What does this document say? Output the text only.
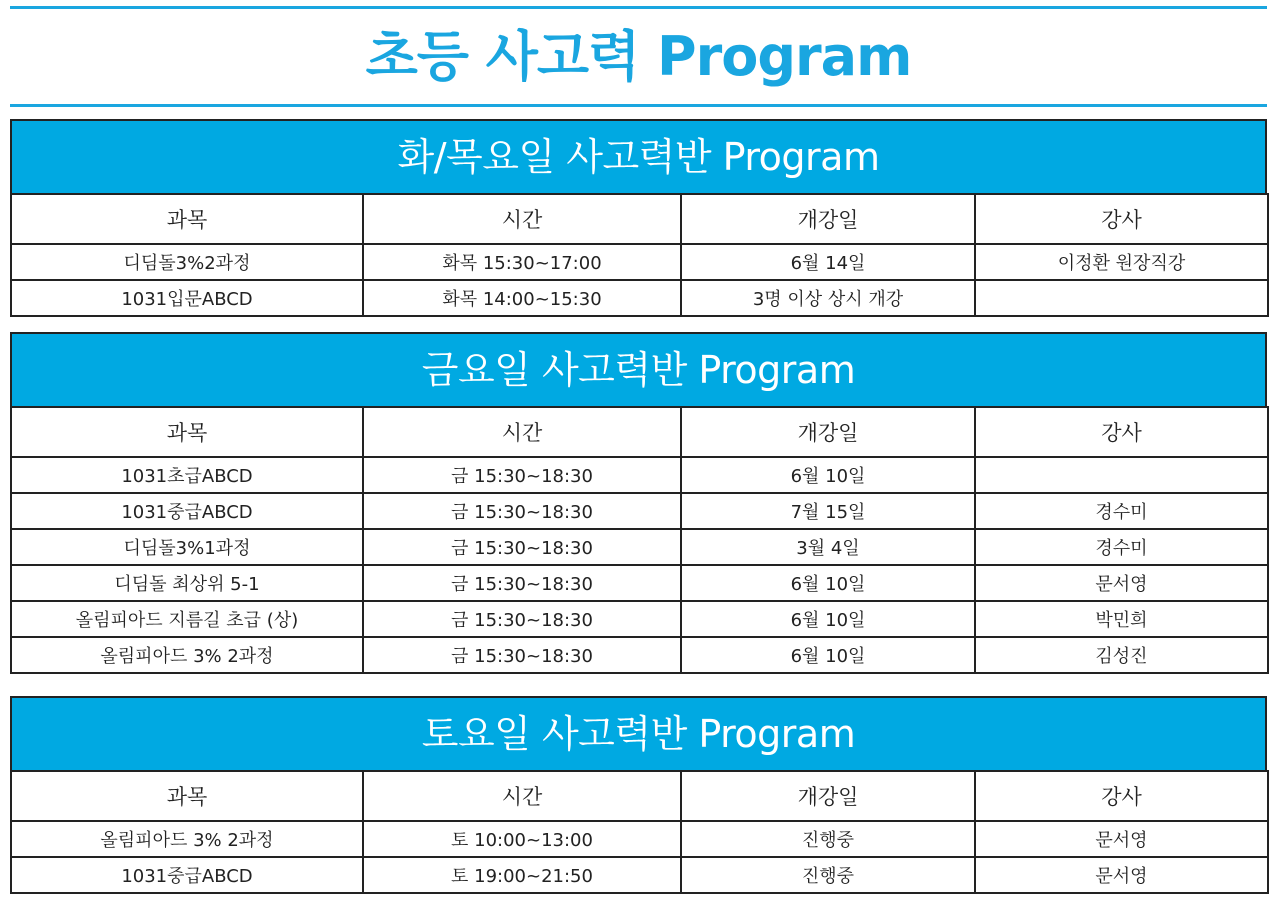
초등 사고력 Program
화/목요일 사고력반 Program
과목	시간	개강일	강사
디딤돌3%2과정	화목 15:30~17:00	6월 14일	이정환 원장직강
1031입문ABCD	화목 14:00~15:30	3명 이상 상시 개강	
금요일 사고력반 Program
과목	시간	개강일	강사
1031초급ABCD	금 15:30~18:30	6월 10일	
1031중급ABCD	금 15:30~18:30	7월 15일	경수미
디딤돌3%1과정	금 15:30~18:30	3월 4일	경수미
디딤돌 최상위 5-1	금 15:30~18:30	6월 10일	문서영
올림피아드 지름길 초급 (상)	금 15:30~18:30	6월 10일	박민희
올림피아드 3% 2과정	금 15:30~18:30	6월 10일	김성진
토요일 사고력반 Program
과목	시간	개강일	강사
올림피아드 3% 2과정	토 10:00~13:00	진행중	문서영
1031중급ABCD	토 19:00~21:50	진행중	문서영
